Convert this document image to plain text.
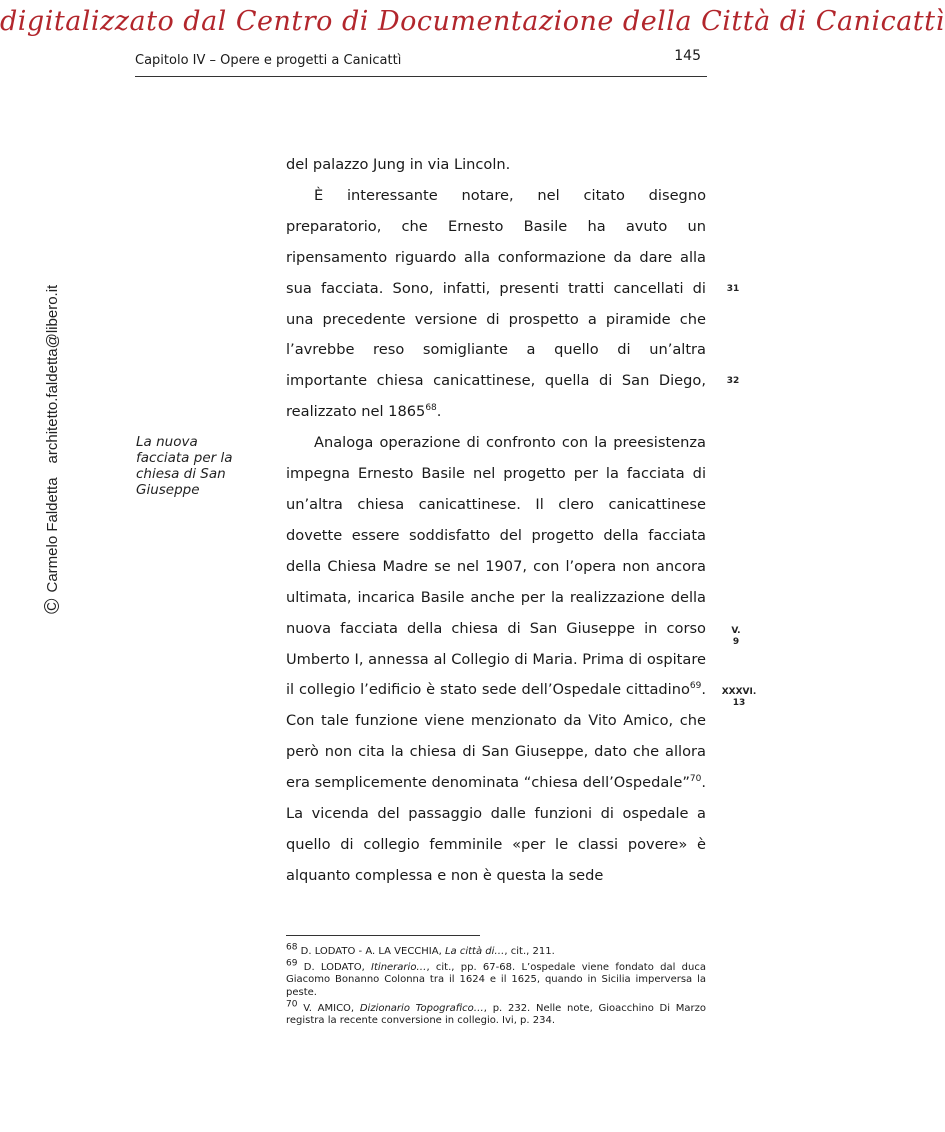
digitalizzato dal Centro di Documentazione della Città di Canicattì
Capitolo IV – Opere e progetti a Canicattì	145
©
Carmelo Faldetta
architetto.faldetta@libero.it	La nuova facciata per la chiesa di San Giuseppe

del palazzo Jung in via Lincoln.

È interessante notare, nel citato disegno preparatorio, che Ernesto Basile ha avuto un ripensamento riguardo alla conformazione da dare alla sua facciata. Sono, infatti, presenti tratti cancellati di una precedente versione di prospetto a piramide che l’avrebbe reso somigliante a quello di un’altra importante chiesa canicattinese, quella di San Diego, realizzato nel 1865$^{68}$.

Analoga operazione di confronto con la preesistenza impegna Ernesto Basile nel progetto per la facciata di un’altra chiesa canicattinese. Il clero canicattinese dovette essere soddisfatto del progetto della facciata della Chiesa Madre se nel 1907, con l’opera non ancora ultimata, incarica Basile anche per la realizzazione della nuova facciata della chiesa di San Giuseppe in corso Umberto I, annessa al Collegio di Maria. Prima di ospitare il collegio l’edificio è stato sede dell’Ospedale cittadino$^{69}$. Con tale funzione viene menzionato da Vito Amico, che però non cita la chiesa di San Giuseppe, dato che allora era semplicemente denominata “chiesa dell’Ospedale”$^{70}$. La vicenda del passaggio dalle funzioni di ospedale a quello di collegio femminile «per le classi povere» è alquanto complessa e non è questa la sede

31
32
V.
9
XXXVI.
13

$^{68}$ D. LODATO - A. LA VECCHIA, La città di…, cit., 211.

$^{69}$ D. LODATO, Itinerario…, cit., pp. 67-68. L’ospedale viene fondato dal duca Giacomo Bonanno Colonna tra il 1624 e il 1625, quando in Sicilia imperversa la peste.

$^{70}$ V. AMICO, Dizionario Topografico…, p. 232. Nelle note, Gioacchino Di Marzo registra la recente conversione in collegio. Ivi, p. 234.
